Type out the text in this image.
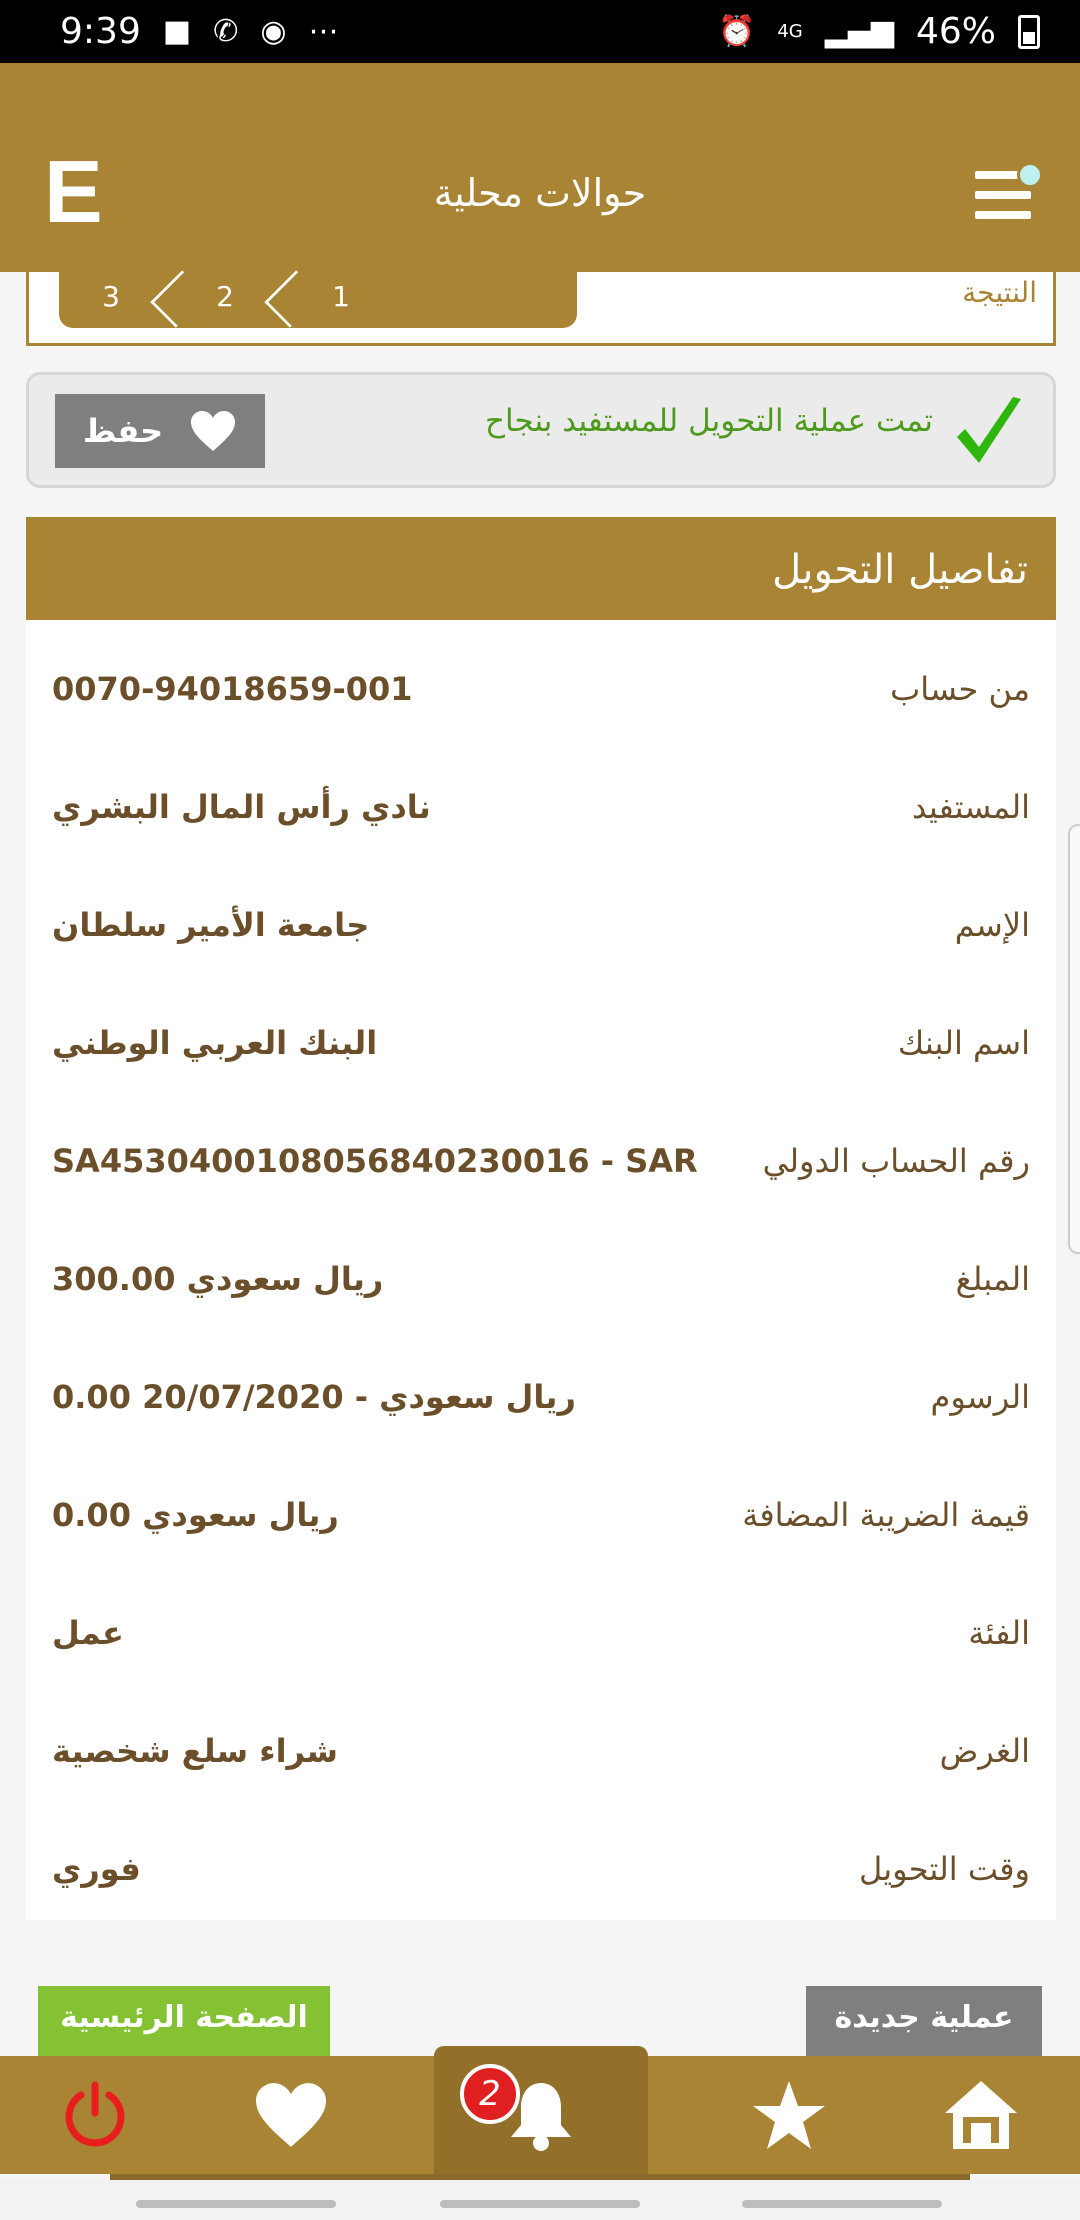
9:39 ■ ✆ ◉ ⋯	⏰ 4G ▂▄▆ 46%
E	حوالات محلية
3	2	1	النتيجة
تمت عملية التحويل للمستفيد بنجاح
حفظ
تفاصيل التحويل
من حساب
0070-94018659-001
المستفيد
نادي رأس المال البشري
الإسم
جامعة الأمير سلطان
اسم البنك
البنك العربي الوطني
رقم الحساب الدولي
SA4530400108056840230016 - SAR
المبلغ
300.00 ريال سعودي
الرسوم
0.00 ريال سعودي - 20/07/2020
قيمة الضريبة المضافة
0.00 ريال سعودي
الفئة
عمل
الغرض
شراء سلع شخصية
وقت التحويل
فوري
الصفحة الرئيسية	عملية جديدة
2
